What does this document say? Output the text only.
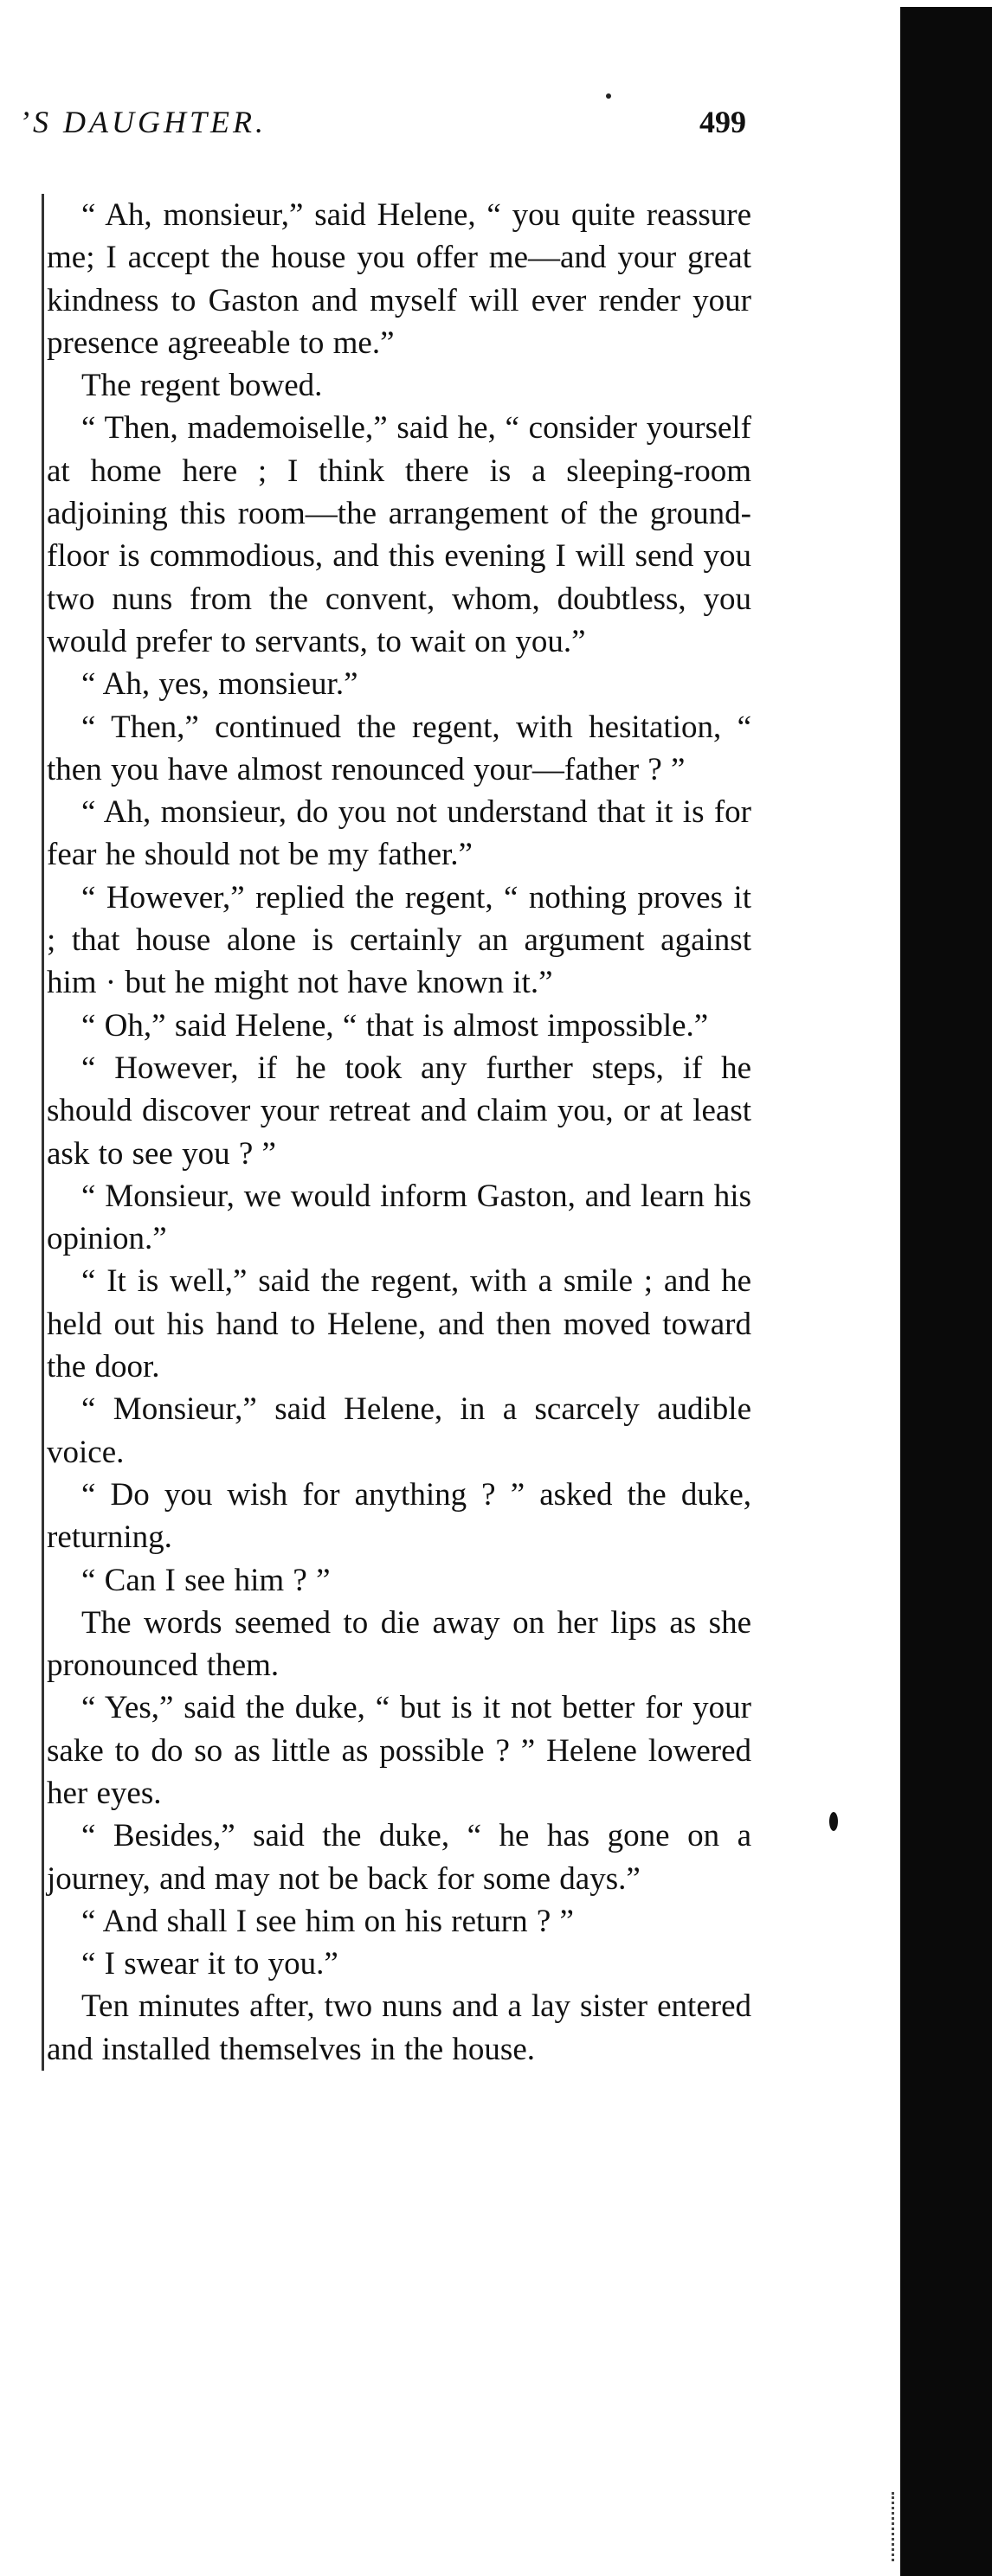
’S DAUGHTER.	499

“ Ah, monsieur,” said Helene, “ you quite reassure me; I accept the house you offer me—and your great kindness to Gaston and myself will ever render your presence agreeable to me.”

The regent bowed.

“ Then, mademoiselle,” said he, “ consider yourself at home here ; I think there is a sleeping-room adjoining this room—the arrangement of the ground-floor is commodious, and this evening I will send you two nuns from the convent, whom, doubtless, you would prefer to servants, to wait on you.”

“ Ah, yes, monsieur.”

“ Then,” continued the regent, with hesitation, “ then you have almost renounced your—father ? ”

“ Ah, monsieur, do you not understand that it is for fear he should not be my father.”

“ However,” replied the regent, “ nothing proves it ; that house alone is certainly an argument against him · but he might not have known it.”

“ Oh,” said Helene, “ that is almost impossible.”

“ However, if he took any further steps, if he should discover your retreat and claim you, or at least ask to see you ? ”

“ Monsieur, we would inform Gaston, and learn his opinion.”

“ It is well,” said the regent, with a smile ; and he held out his hand to Helene, and then moved toward the door.

“ Monsieur,” said Helene, in a scarcely audible voice.

“ Do you wish for anything ? ” asked the duke, returning.

“ Can I see him ? ”

The words seemed to die away on her lips as she pronounced them.

“ Yes,” said the duke, “ but is it not better for your sake to do so as little as possible ? ” Helene lowered her eyes.

“ Besides,” said the duke, “ he has gone on a journey, and may not be back for some days.”

“ And shall I see him on his return ? ”

“ I swear it to you.”

Ten minutes after, two nuns and a lay sister entered and installed themselves in the house.
